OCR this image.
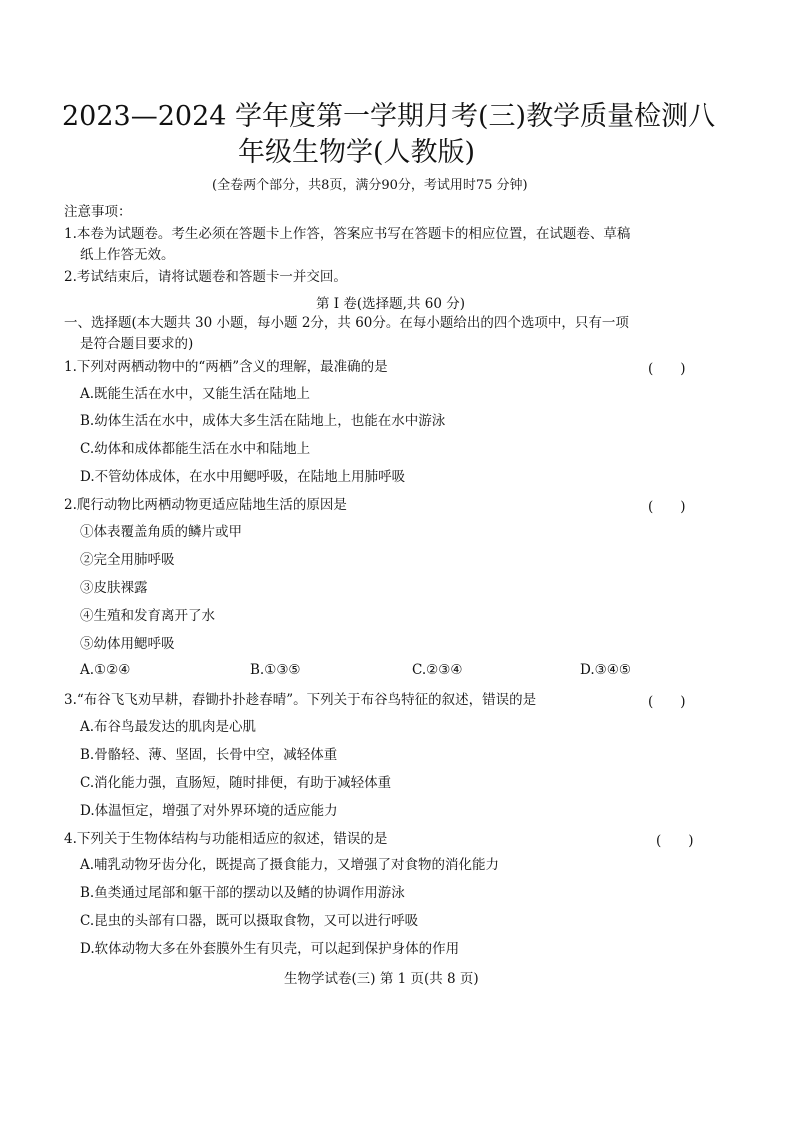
2023—2024 学年度第一学期月考(三)教学质量检测八
年级生物学(人教版)
(全卷两个部分，共8页，满分90分，考试用时75 分钟)
注意事项：
1.本卷为试题卷。考生必须在答题卡上作答，答案应书写在答题卡的相应位置，在试题卷、草稿
纸上作答无效。
2.考试结束后，请将试题卷和答题卡一并交回。
第 I 卷(选择题,共 60 分)
一、选择题(本大题共 30 小题，每小题 2分，共 60分。在每小题给出的四个选项中，只有一项
是符合题目要求的)
1.下列对两栖动物中的“两栖”含义的理解，最准确的是	(　　)
A.既能生活在水中，又能生活在陆地上
B.幼体生活在水中，成体大多生活在陆地上，也能在水中游泳
C.幼体和成体都能生活在水中和陆地上
D.不管幼体成体，在水中用鳃呼吸，在陆地上用肺呼吸
2.爬行动物比两栖动物更适应陆地生活的原因是	(　　)
①体表覆盖角质的鳞片或甲
②完全用肺呼吸
③皮肤裸露
④生殖和发育离开了水
⑤幼体用鳃呼吸
A.①②④	B.①③⑤	C.②③④	D.③④⑤
3.“布谷飞飞劝早耕，舂锄扑扑趁春晴”。下列关于布谷鸟特征的叙述，错误的是	(　　)
A.布谷鸟最发达的肌肉是心肌
B.骨骼轻、薄、坚固，长骨中空，减轻体重
C.消化能力强，直肠短，随时排便，有助于减轻体重
D.体温恒定，增强了对外界环境的适应能力
4.下列关于生物体结构与功能相适应的叙述，错误的是	(　　)
A.哺乳动物牙齿分化，既提高了摄食能力，又增强了对食物的消化能力
B.鱼类通过尾部和躯干部的摆动以及鳍的协调作用游泳
C.昆虫的头部有口器，既可以摄取食物，又可以进行呼吸
D.软体动物大多在外套膜外生有贝壳，可以起到保护身体的作用
生物学试卷(三) 第 1 页(共 8 页)
